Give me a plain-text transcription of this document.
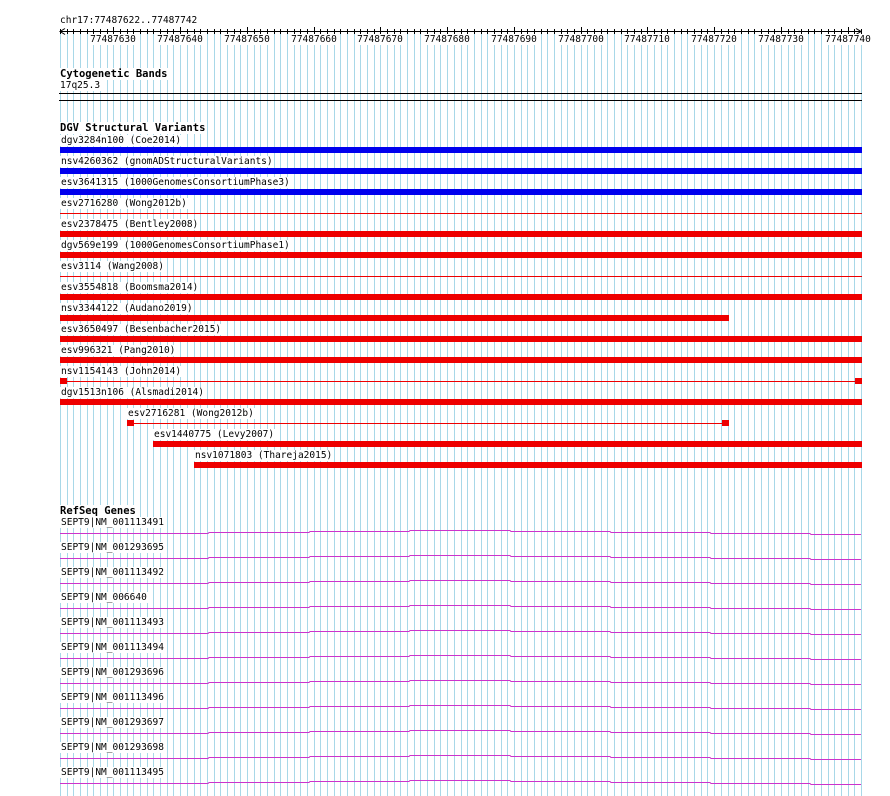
chr17:77487622..77487742
77487630 77487640 77487650 77487660 77487670 77487680 77487690 77487700 77487710 77487720 77487730 77487740
Cytogenetic Bands
17q25.3
DGV Structural Variants
RefSeq Genes
dgv3284n100 (Coe2014)
nsv4260362 (gnomADStructuralVariants)
esv3641315 (1000GenomesConsortiumPhase3)
esv2716280 (Wong2012b)
esv2378475 (Bentley2008)
dgv569e199 (1000GenomesConsortiumPhase1)
esv3114 (Wang2008)
esv3554818 (Boomsma2014)
nsv3344122 (Audano2019)
esv3650497 (Besenbacher2015)
esv996321 (Pang2010)
nsv1154143 (John2014)
dgv1513n106 (Alsmadi2014)
esv2716281 (Wong2012b)
esv1440775 (Levy2007)
nsv1071803 (Thareja2015)
SEPT9|NM_001113491
SEPT9|NM_001293695
SEPT9|NM_001113492
SEPT9|NM_006640
SEPT9|NM_001113493
SEPT9|NM_001113494
SEPT9|NM_001293696
SEPT9|NM_001113496
SEPT9|NM_001293697
SEPT9|NM_001293698
SEPT9|NM_001113495
